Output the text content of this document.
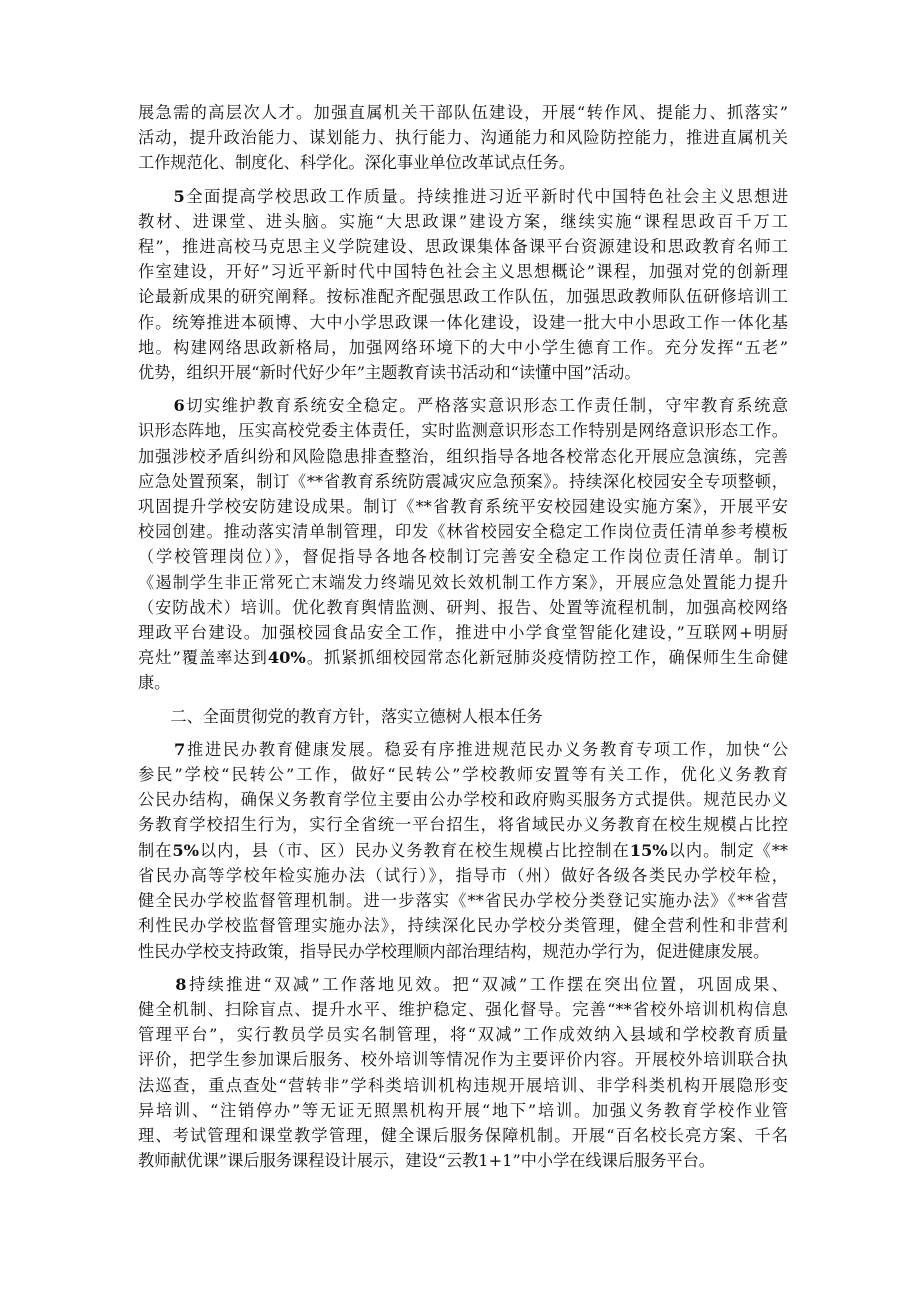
展急需的高层次人才。加强直属机关干部队伍建设，开展“转作风、提能力、抓落实”
活动，提升政治能力、谋划能力、执行能力、沟通能力和风险防控能力，推进直属机关
工作规范化、制度化、科学化。深化事业单位改革试点任务。
　　5全面提高学校思政工作质量。持续推进习近平新时代中国特色社会主义思想进
教材、进课堂、进头脑。实施“大思政课”建设方案，继续实施“课程思政百千万工
程”，推进高校马克思主义学院建设、思政课集体备课平台资源建设和思政教育名师工
作室建设，开好”习近平新时代中国特色社会主义思想概论”课程，加强对党的创新理
论最新成果的研究阐释。按标准配齐配强思政工作队伍，加强思政教师队伍研修培训工
作。统筹推进本硕博、大中小学思政课一体化建设，设建一批大中小思政工作一体化基
地。构建网络思政新格局，加强网络环境下的大中小学生德育工作。充分发挥“五老”
优势，组织开展“新时代好少年”主题教育读书活动和“读懂中国”活动。
　　6切实维护教育系统安全稳定。严格落实意识形态工作责任制，守牢教育系统意
识形态阵地，压实高校党委主体责任，实时监测意识形态工作特别是网络意识形态工作。
加强涉校矛盾纠纷和风险隐患排查整治，组织指导各地各校常态化开展应急演练，完善
应急处置预案，制订《**省教育系统防震减灾应急预案》。持续深化校园安全专项整顿，
巩固提升学校安防建设成果。制订《**省教育系统平安校园建设实施方案》，开展平安
校园创建。推动落实清单制管理，印发《林省校园安全稳定工作岗位责任清单参考模板
（学校管理岗位）》，督促指导各地各校制订完善安全稳定工作岗位责任清单。制订
《遏制学生非正常死亡末端发力终端见效长效机制工作方案》，开展应急处置能力提升
（安防战术）培训。优化教育舆情监测、研判、报告、处置等流程机制，加强高校网络
理政平台建设。加强校园食品安全工作，推进中小学食堂智能化建设，”互联网+明厨
亮灶”覆盖率达到40%。抓紧抓细校园常态化新冠肺炎疫情防控工作，确保师生生命健
康。
二、全面贯彻党的教育方针，落实立德树人根本任务
　　7推进民办教育健康发展。稳妥有序推进规范民办义务教育专项工作，加快“公
参民”学校“民转公”工作，做好“民转公”学校教师安置等有关工作，优化义务教育
公民办结构，确保义务教育学位主要由公办学校和政府购买服务方式提供。规范民办义
务教育学校招生行为，实行全省统一平台招生，将省域民办义务教育在校生规模占比控
制在5%以内，县（市、区）民办义务教育在校生规模占比控制在15%以内。制定《**
省民办高等学校年检实施办法（试行）》，指导市（州）做好各级各类民办学校年检，
健全民办学校监督管理机制。进一步落实《**省民办学校分类登记实施办法》《**省营
利性民办学校监督管理实施办法》，持续深化民办学校分类管理，健全营利性和非营利
性民办学校支持政策，指导民办学校理顺内部治理结构，规范办学行为，促进健康发展。
　　8持续推进“双减”工作落地见效。把“双减”工作摆在突出位置，巩固成果、
健全机制、扫除盲点、提升水平、维护稳定、强化督导。完善“**省校外培训机构信息
管理平台”，实行教员学员实名制管理，将“双减”工作成效纳入县域和学校教育质量
评价，把学生参加课后服务、校外培训等情况作为主要评价内容。开展校外培训联合执
法巡查，重点查处“营转非”学科类培训机构违规开展培训、非学科类机构开展隐形变
异培训、“注销停办”等无证无照黑机构开展“地下”培训。加强义务教育学校作业管
理、考试管理和课堂教学管理，健全课后服务保障机制。开展“百名校长亮方案、千名
教师献优课”课后服务课程设计展示，建设“云教1+1”中小学在线课后服务平台。
